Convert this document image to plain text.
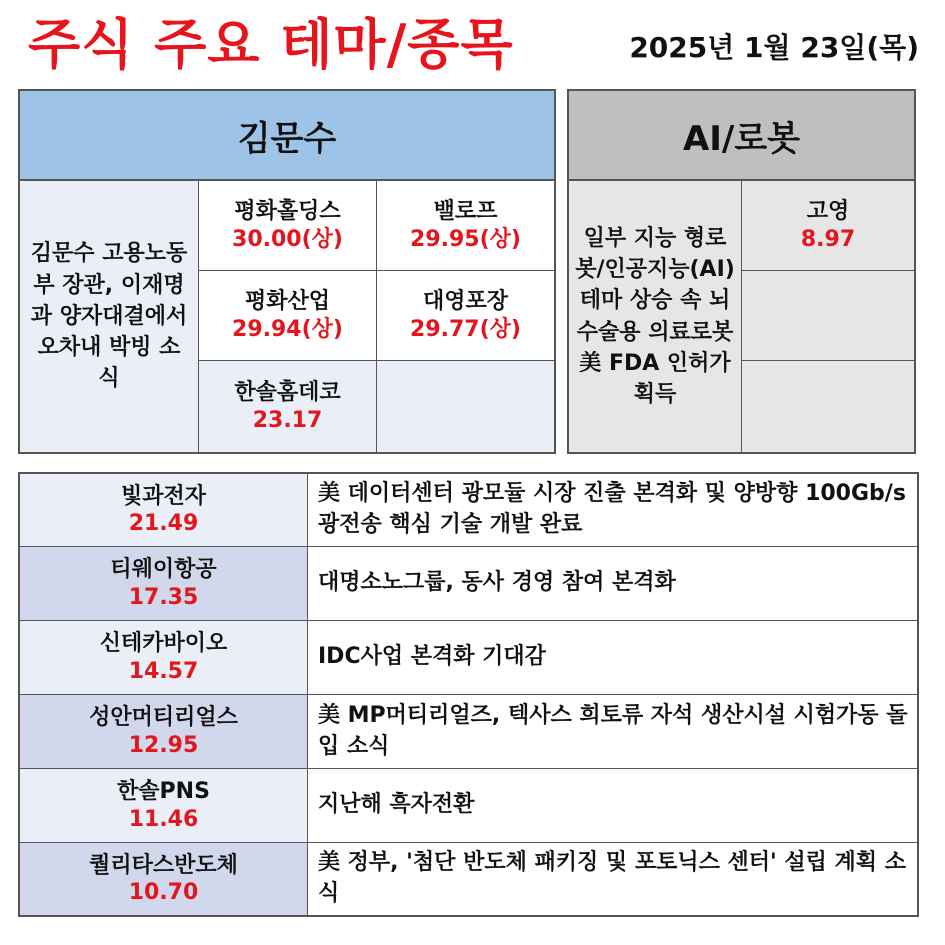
주식 주요 테마/종목	2025년 1월 23일(목)
김문수
김문수 고용노동부 장관, 이재명과 양자대결에서 오차내 박빙 소식
평화홀딩스
30.00(상)
밸로프
29.95(상)
평화산업
29.94(상)
대영포장
29.77(상)
한솔홈데코
23.17
AI/로봇
일부 지능 형로봇/인공지능(AI) 테마 상승 속 뇌수술용 의료로봇 美 FDA 인허가 획득
고영
8.97
빛과전자
21.49
美 데이터센터 광모듈 시장 진출 본격화 및 양방향 100Gb/s 광전송 핵심 기술 개발 완료
티웨이항공
17.35
대명소노그룹, 동사 경영 참여 본격화
신테카바이오
14.57
IDC사업 본격화 기대감
성안머티리얼스
12.95
美 MP머티리얼즈, 텍사스 희토류 자석 생산시설 시험가동 돌입 소식
한솔PNS
11.46
지난해 흑자전환
퀄리타스반도체
10.70
美 정부, '첨단 반도체 패키징 및 포토닉스 센터' 설립 계획 소식
